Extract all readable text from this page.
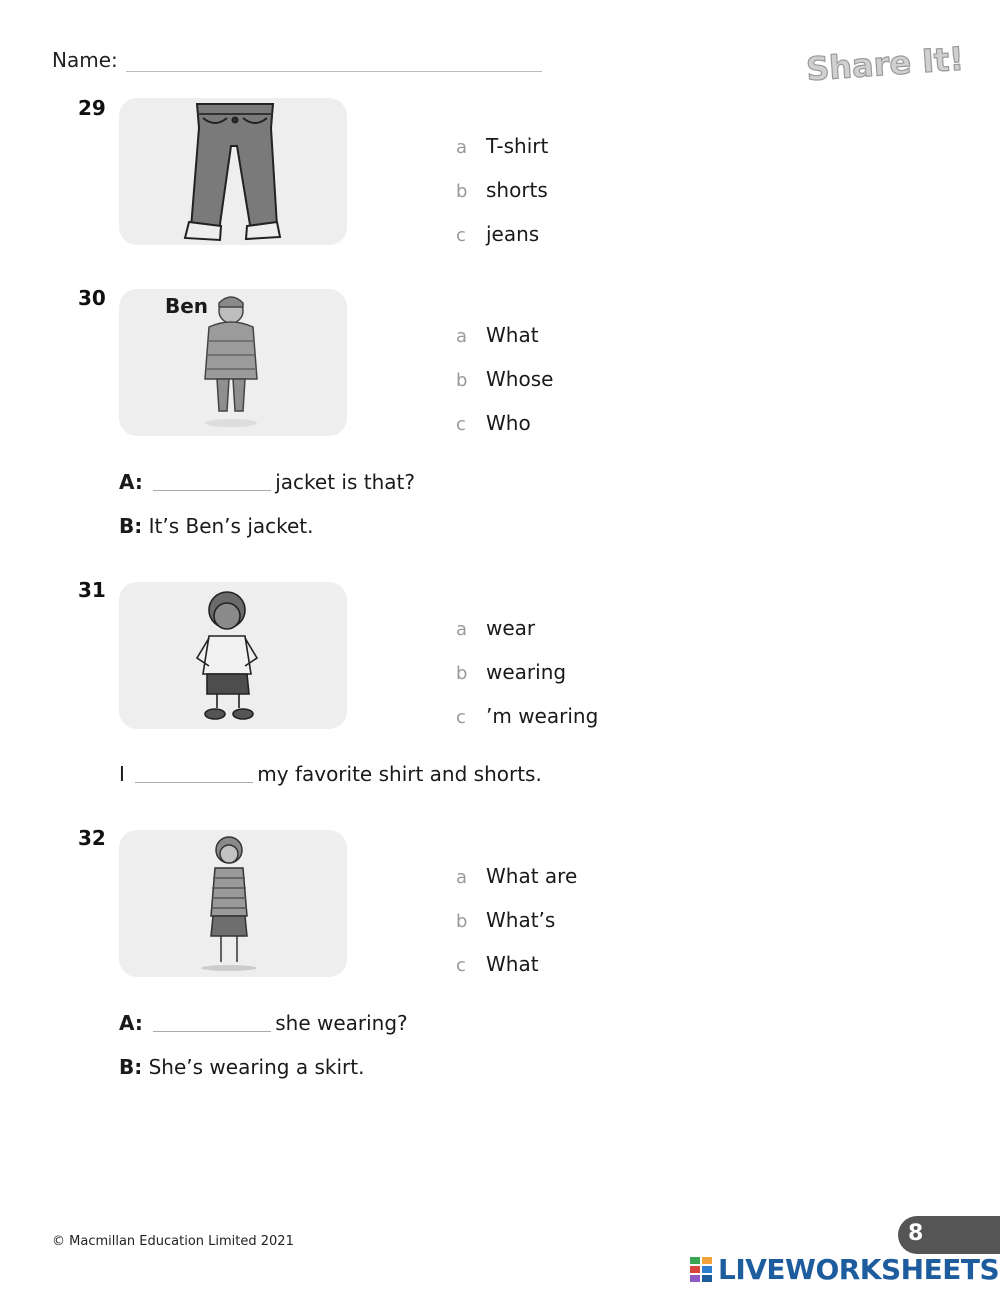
Name:	Share It!
29
a T-shirt
b shorts
c jeans
30	Ben
a What
b Whose
c Who
A:	jacket is that?
B: It’s Ben’s jacket.
31
a wear
b wearing
c ’m wearing
I	my favorite shirt and shorts.
32
a What are
b What’s
c What
A:	she wearing?
B: She’s wearing a skirt.
© Macmillan Education Limited 2021	8
LIVEWORKSHEETS
